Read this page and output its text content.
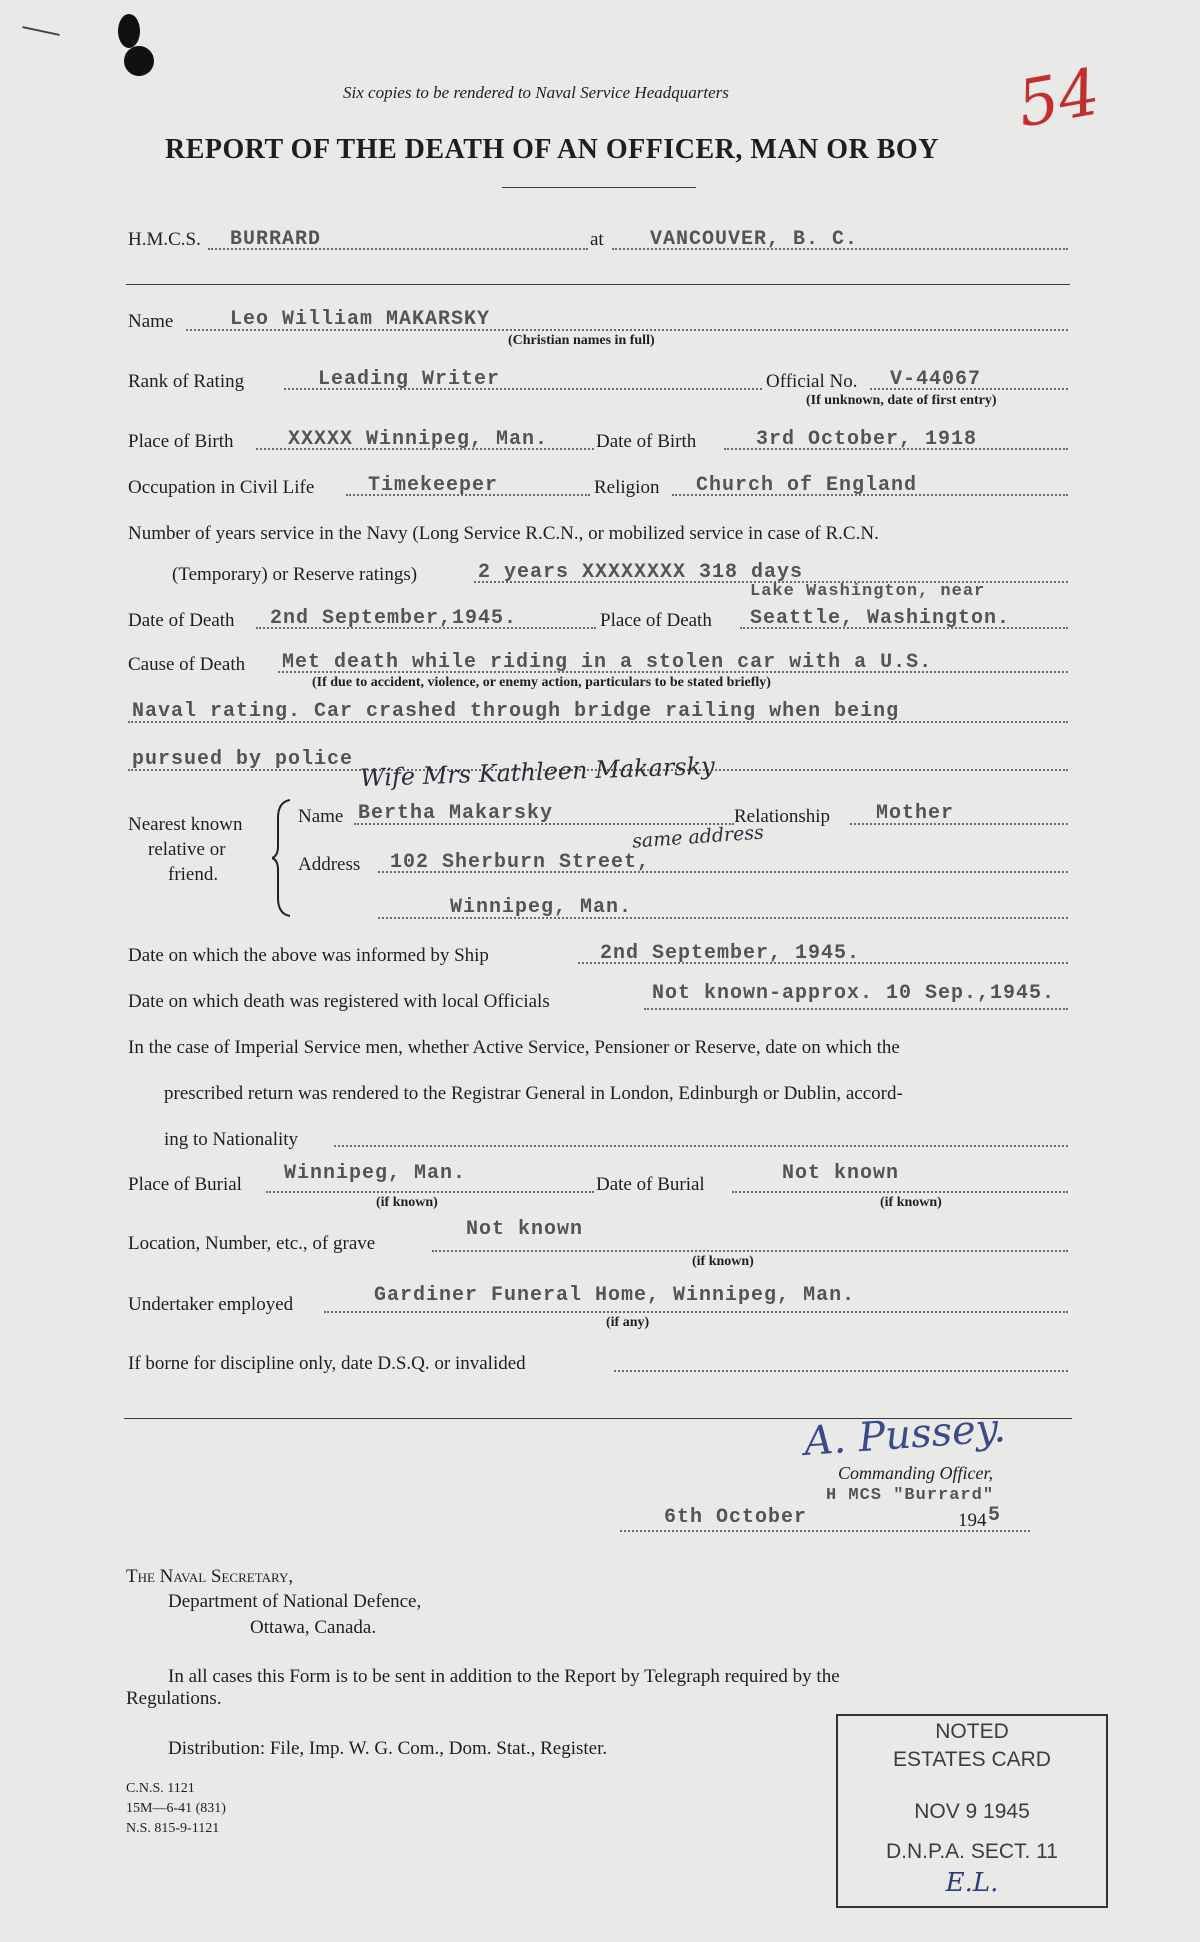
Six copies to be rendered to Naval Service Headquarters
REPORT OF THE DEATH OF AN OFFICER, MAN OR BOY
54
H.M.C.S. BURRARD	at VANCOUVER, B. C.
Name	Leo William MAKARSKY
(Christian names in full)
Rank of Rating	Leading Writer	Official No. V-44067
(If unknown, date of first entry)
Place of Birth	XXXXX Winnipeg, Man.	Date of Birth	3rd October, 1918
Occupation in Civil Life	Timekeeper	Religion Church of England
Number of years service in the Navy (Long Service R.C.N., or mobilized service in case of R.C.N.
(Temporary) or Reserve ratings)	2 years XXXXXXXX 318 days
Date of Death 2nd September,1945.	Place of Death
Lake Washington, near
Seattle, Washington.
Cause of Death Met death while riding in a stolen car with a U.S.
(If due to accident, violence, or enemy action, particulars to be stated briefly)
Naval rating. Car crashed through bridge railing when being
pursued by police Wife Mrs Kathleen Makarsky
Nearest known
relative or
friend.
Name Bertha Makarsky	Relationship Mother
same address
Address 102 Sherburn Street,
Winnipeg, Man.
Date on which the above was informed by Ship	2nd September, 1945.
Date on which death was registered with local Officials	Not known-approx. 10 Sep.,1945.
In the case of Imperial Service men, whether Active Service, Pensioner or Reserve, date on which the
prescribed return was rendered to the Registrar General in London, Edinburgh or Dublin, accord-
ing to Nationality
Place of Burial Winnipeg, Man.
(if known)
Date of Burial	Not known
(if known)
Location, Number, etc., of grave
Not known
(if known)
Undertaker employed	Gardiner Funeral Home, Winnipeg, Man.
(if any)
If borne for discipline only, date D.S.Q. or invalided
A. Pussey.
Commanding Officer,
H MCS "Burrard"
6th October	194 5
The Naval Secretary,
Department of National Defence,
Ottawa, Canada.
In all cases this Form is to be sent in addition to the Report by Telegraph required by the
Regulations.
Distribution: File, Imp. W. G. Com., Dom. Stat., Register.
C.N.S. 1121
15M—6-41 (831)
N.S. 815-9-1121
NOTED
ESTATES CARD
NOV 9 1945
D.N.P.A. SECT. 11
E.L.
